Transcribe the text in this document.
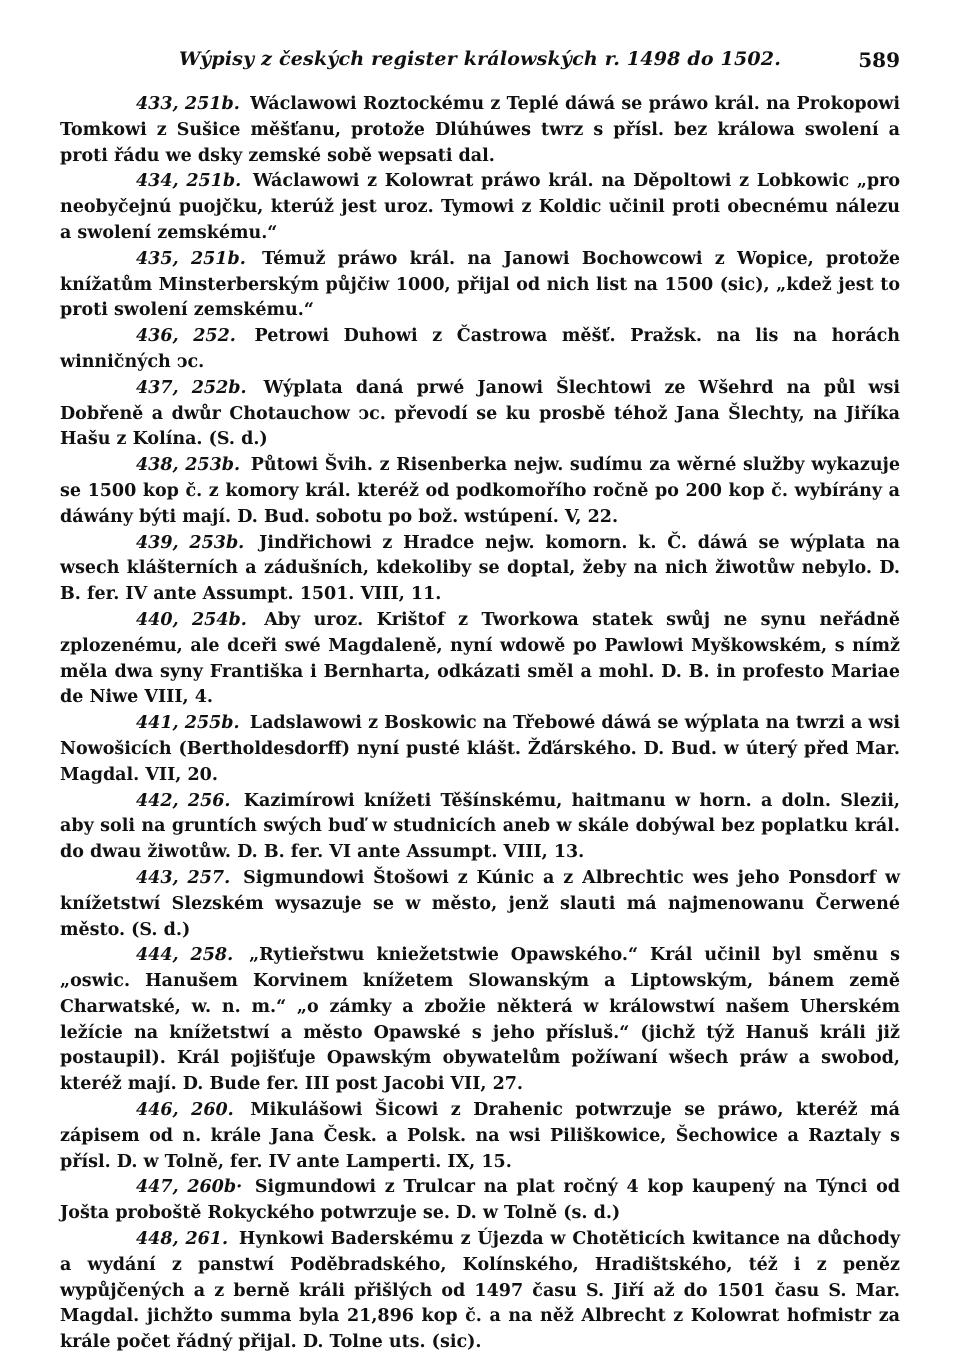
Wýpisy z českých register králowských r. 1498 do 1502.	589

433, 251b. Wáclawowi Roztockému z Teplé dáwá se práwo král. na Prokopowi Tomkowi z Sušice měšťanu, protože Dlúhúwes twrz s přísl. bez králowa swolení a proti řádu we dsky zemské sobě wepsati dal.

434, 251b. Wáclawowi z Kolowrat práwo král. na Děpoltowi z Lobkowic „pro neobyčejnú puojčku, kterúž jest uroz. Tymowi z Koldic učinil proti obecnému nálezu a swolení zemskému.“

435, 251b. Témuž práwo král. na Janowi Bochowcowi z Wopice, protože knížatům Minsterberským půjčiw 1000, přijal od nich list na 1500 (sic), „kdež jest to proti swolení zemskému.“

436, 252. Petrowi Duhowi z Častrowa měšť. Pražsk. na lis na horách winničných ↄc.

437, 252b. Wýplata daná prwé Janowi Šlechtowi ze Wšehrd na půl wsi Dobřeně a dwůr Chotauchow ↄc. převodí se ku prosbě téhož Jana Šlechty, na Jiříka Hašu z Kolína. (S. d.)

438, 253b. Půtowi Švih. z Risenberka nejw. sudímu za wěrné služby wykazuje se 1500 kop č. z komory král. kteréž od podkomořího ročně po 200 kop č. wybírány a dáwány býti mají. D. Bud. sobotu po bož. wstúpení. V, 22.

439, 253b. Jindřichowi z Hradce nejw. komorn. k. Č. dáwá se wýplata na wsech klášterních a zádušních, kdekoliby se doptal, žeby na nich žiwotůw nebylo. D. B. fer. IV ante Assumpt. 1501. VIII, 11.

440, 254b. Aby uroz. Krištof z Tworkowa statek swůj ne synu neřádně zplozenému, ale dceři swé Magdaleně, nyní wdowě po Pawlowi Myškowském, s nímž měla dwa syny Františka i Bernharta, odkázati směl a mohl. D. B. in profesto Mariae de Niwe VIII, 4.

441, 255b. Ladslawowi z Boskowic na Třebowé dáwá se wýplata na twrzi a wsi Nowošicích (Bertholdesdorff) nyní pusté klášt. Žďárského. D. Bud. w úterý před Mar. Magdal. VII, 20.

442, 256. Kazimírowi knížeti Těšínskému, haitmanu w horn. a doln. Slezii, aby soli na gruntích swých buď w studnicích aneb w skále dobýwal bez poplatku král. do dwau žiwotůw. D. B. fer. VI ante Assumpt. VIII, 13.

443, 257. Sigmundowi Štošowi z Kúnic a z Albrechtic wes jeho Ponsdorf w knížetstwí Slezském wysazuje se w město, jenž slauti má najmenowanu Čerwené město. (S. d.)

444, 258. „Rytieřstwu kniežetstwie Opawského.“ Král učinil byl směnu s „oswic. Hanušem Korvinem knížetem Slowanským a Liptowským, bánem země Charwatské, w. n. m.“ „o zámky a zbožie některá w králowstwí našem Uherském ležície na knížetstwí a město Opawské s jeho přísluš.“ (jichž týž Hanuš králi již postaupil). Král pojišťuje Opawským obywatelům požíwaní wšech práw a swobod, kteréž mají. D. Bude fer. III post Jacobi VII, 27.

446, 260. Mikulášowi Šicowi z Drahenic potwrzuje se práwo, kteréž má zápisem od n. krále Jana Česk. a Polsk. na wsi Piliškowice, Šechowice a Raztaly s přísl. D. w Tolně, fer. IV ante Lamperti. IX, 15.

447, 260b· Sigmundowi z Trulcar na plat ročný 4 kop kaupený na Týnci od Jošta proboště Rokyckého potwrzuje se. D. w Tolně (s. d.)

448, 261. Hynkowi Baderskému z Újezda w Chotěticích kwitance na důchody a wydání z panstwí Poděbradského, Kolínského, Hradištského, též i z peněz wypůjčených a z berně králi přišlých od 1497 času S. Jiří až do 1501 času S. Mar. Magdal. jichžto summa byla 21,896 kop č. a na něž Albrecht z Kolowrat hofmistr za krále počet řádný přijal. D. Tolne uts. (sic).
